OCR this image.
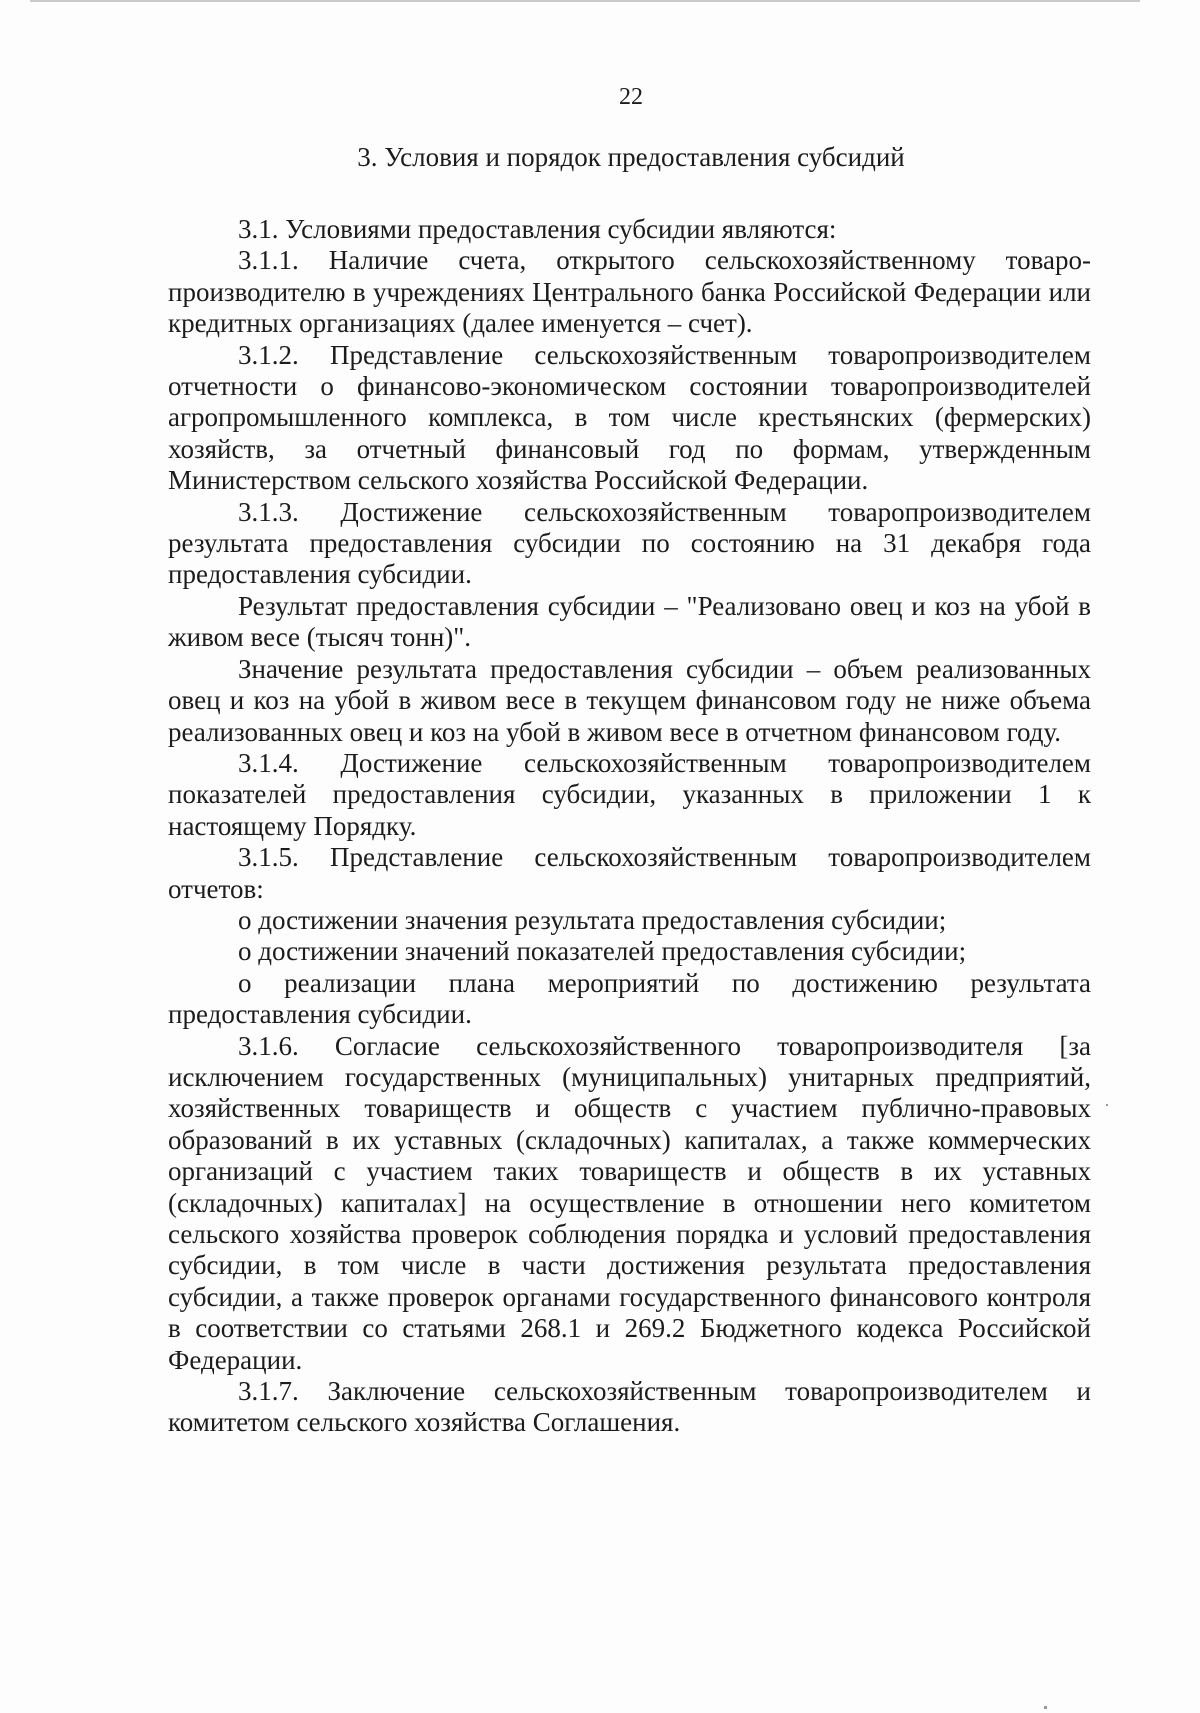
22
3. Условия и порядок предоставления субсидий

3.1. Условиями предоставления субсидии являются:

3.1.1. Наличие счета, открытого сельскохозяйственному товаро-производителю в учреждениях Центрального банка Российской Федерации или кредитных организациях (далее именуется – счет).

3.1.2. Представление сельскохозяйственным товаропроизводителем отчетности о финансово-экономическом состоянии товаропроизводителей агропромышленного комплекса, в том числе крестьянских (фермерских) хозяйств, за отчетный финансовый год по формам, утвержденным Министерством сельского хозяйства Российской Федерации.

3.1.3. Достижение сельскохозяйственным товаропроизводителем результата предоставления субсидии по состоянию на 31 декабря года предоставления субсидии.

Результат предоставления субсидии – "Реализовано овец и коз на убой в живом весе (тысяч тонн)".

Значение результата предоставления субсидии – объем реализованных овец и коз на убой в живом весе в текущем финансовом году не ниже объема реализованных овец и коз на убой в живом весе в отчетном финансовом году.

3.1.4. Достижение сельскохозяйственным товаропроизводителем показателей предоставления субсидии, указанных в приложении 1 к настоящему Порядку.

3.1.5. Представление сельскохозяйственным товаропроизводителем отчетов:

о достижении значения результата предоставления субсидии;

о достижении значений показателей предоставления субсидии;

о реализации плана мероприятий по достижению результата предоставления субсидии.

3.1.6. Согласие сельскохозяйственного товаропроизводителя [за исключением государственных (муниципальных) унитарных предприятий, хозяйственных товариществ и обществ с участием публично-правовых образований в их уставных (складочных) капиталах, а также коммерческих организаций с участием таких товариществ и обществ в их уставных (складочных) капиталах] на осуществление в отношении него комитетом сельского хозяйства проверок соблюдения порядка и условий предоставления субсидии, в том числе в части достижения результата предоставления субсидии, а также проверок органами государственного финансового контроля в соответствии со статьями 268.1 и 269.2 Бюджетного кодекса Российской Федерации.

3.1.7. Заключение сельскохозяйственным товаропроизводителем и комитетом сельского хозяйства Соглашения.
